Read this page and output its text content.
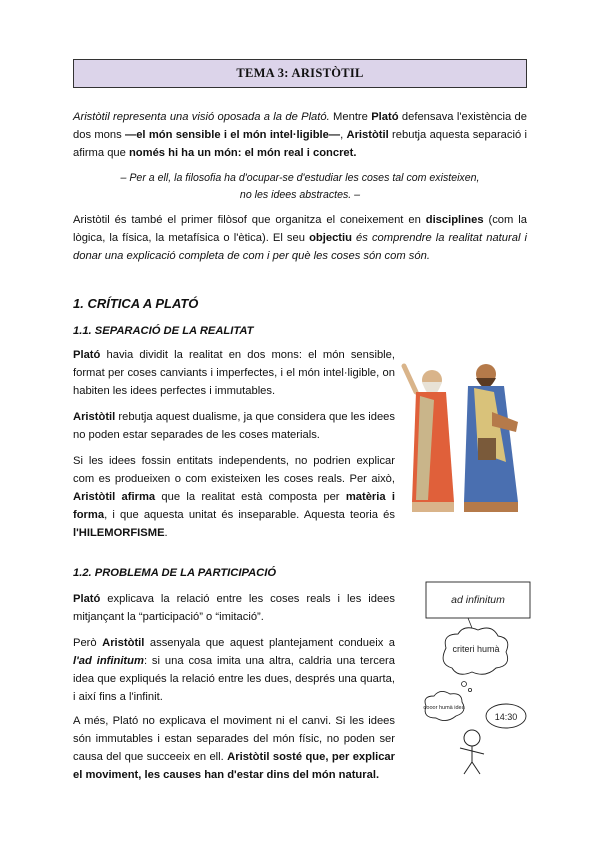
TEMA 3: ARISTÒTIL
Aristòtil representa una visió oposada a la de Plató. Mentre Plató defensava l'existència de dos mons —el món sensible i el món intel·ligible—, Aristòtil rebutja aquesta separació i afirma que només hi ha un món: el món real i concret.
– Per a ell, la filosofia ha d'ocupar-se d'estudiar les coses tal com existeixen,
no les idees abstractes. –
Aristòtil és també el primer filòsof que organitza el coneixement en disciplines (com la lògica, la física, la metafísica o l'ètica). El seu objectiu és comprendre la realitat natural i donar una explicació completa de com i per què les coses són com són.
1. CRÍTICA A PLATÓ
1.1. SEPARACIÓ DE LA REALITAT
Plató havia dividit la realitat en dos mons: el món sensible, format per coses canviants i imperfectes, i el món intel·ligible, on habiten les idees perfectes i immutables.
Aristòtil rebutja aquest dualisme, ja que considera que les idees no poden estar separades de les coses materials.
Si les idees fossin entitats independents, no podrien explicar com es produeixen o com existeixen les coses reals. Per això, Aristòtil afirma que la realitat està composta per matèria i forma, i que aquesta unitat és inseparable. Aquesta teoria és l'HILEMORFISME.
1.2. PROBLEMA DE LA PARTICIPACIÓ
Plató explicava la relació entre les coses reals i les idees mitjançant la “participació” o “imitació”.
Però Aristòtil assenyala que aquest plantejament condueix a l'ad infinitum: si una cosa imita una altra, caldria una tercera idea que expliqués la relació entre les dues, després una quarta, i així fins a l'infinit.
A més, Plató no explicava el moviment ni el canvi. Si les idees són immutables i estan separades del món físic, no poden ser causa del que succeeix en ell. Aristòtil sosté que, per explicar el moviment, les causes han d'estar dins del món natural.
ad infinitum
criteri humà
dooor humà idea
14:30
